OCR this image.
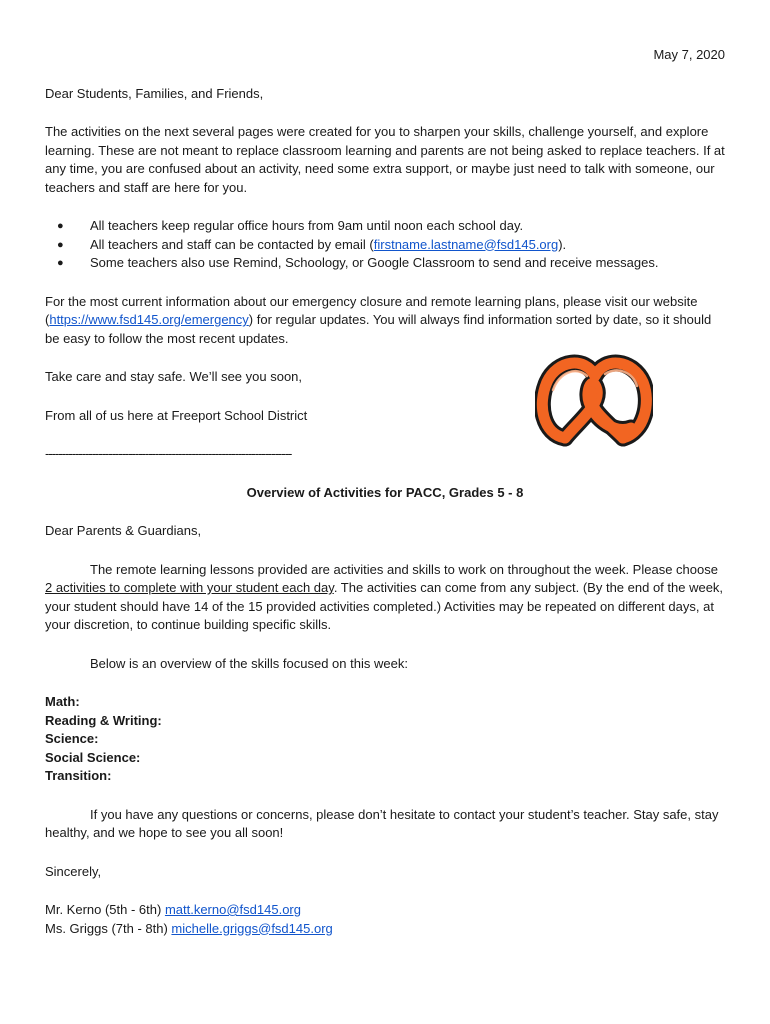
May 7, 2020

Dear Students, Families, and Friends,

The activities on the next several pages were created for you to sharpen your skills, challenge yourself, and explore learning. These are not meant to replace classroom learning and parents are not being asked to replace teachers. If at any time, you are confused about an activity, need some extra support, or maybe just need to talk with someone, our teachers and staff are here for you.

● All teachers keep regular office hours from 9am until noon each school day.
● All teachers and staff can be contacted by email (firstname.lastname@fsd145.org).
● Some teachers also use Remind, Schoology, or Google Classroom to send and receive messages.

For the most current information about our emergency closure and remote learning plans, please visit our website (https://www.fsd145.org/emergency) for regular updates. You will always find information sorted by date, so it should be easy to follow the most recent updates.

Take care and stay safe. We’ll see you soon,

From all of us here at Freeport School District

--------------------------------------------------------------------------

Overview of Activities for PACC, Grades 5 - 8

Dear Parents & Guardians,

The remote learning lessons provided are activities and skills to work on throughout the week. Please choose 2 activities to complete with your student each day. The activities can come from any subject. (By the end of the week, your student should have 14 of the 15 provided activities completed.) Activities may be repeated on different days, at your discretion, to continue building specific skills.

Below is an overview of the skills focused on this week:

Math:

Reading & Writing:

Science:

Social Science:

Transition:

If you have any questions or concerns, please don’t hesitate to contact your student’s teacher. Stay safe, stay healthy, and we hope to see you all soon!

Sincerely,

Mr. Kerno (5th - 6th) matt.kerno@fsd145.org

Ms. Griggs (7th - 8th) michelle.griggs@fsd145.org
